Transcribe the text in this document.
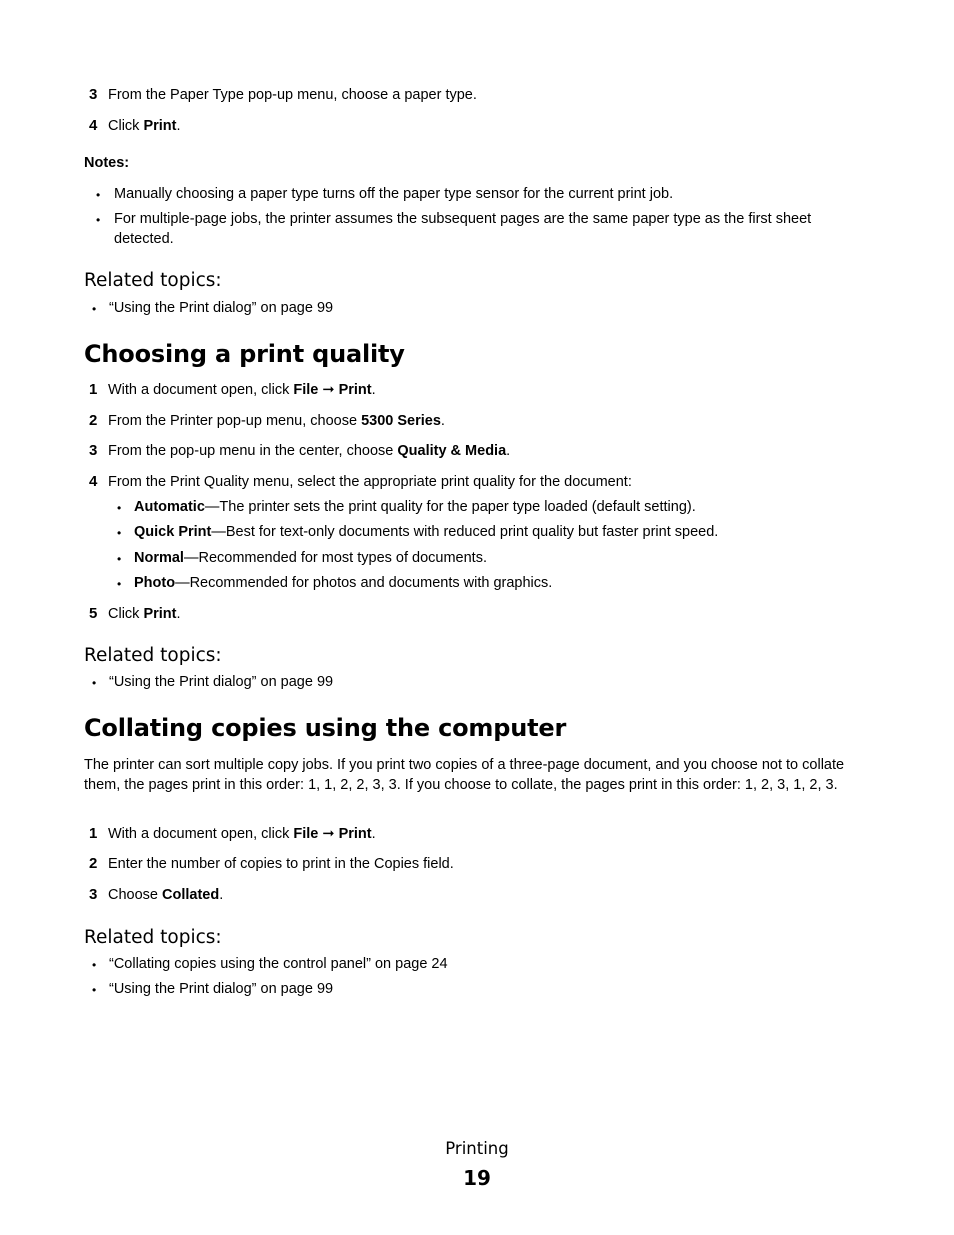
3 From the Paper Type pop-up menu, choose a paper type.
4 Click Print.
Notes:
• Manually choosing a paper type turns off the paper type sensor for the current print job.
• For multiple-page jobs, the printer assumes the subsequent pages are the same paper type as the first sheet
detected.
Related topics:
• “Using the Print dialog” on page 99
Choosing a print quality
1 With a document open, click File ➞ Print.
2 From the Printer pop-up menu, choose 5300 Series.
3 From the pop-up menu in the center, choose Quality & Media.
4 From the Print Quality menu, select the appropriate print quality for the document:
• Automatic—The printer sets the print quality for the paper type loaded (default setting).
• Quick Print—Best for text-only documents with reduced print quality but faster print speed.
• Normal—Recommended for most types of documents.
• Photo—Recommended for photos and documents with graphics.
5 Click Print.
Related topics:
• “Using the Print dialog” on page 99
Collating copies using the computer
The printer can sort multiple copy jobs. If you print two copies of a three-page document, and you choose not to collate them, the pages print in this order: 1, 1, 2, 2, 3, 3. If you choose to collate, the pages print in this order: 1, 2, 3, 1, 2, 3.
1 With a document open, click File ➞ Print.
2 Enter the number of copies to print in the Copies field.
3 Choose Collated.
Related topics:
• “Collating copies using the control panel” on page 24
• “Using the Print dialog” on page 99
Printing
19
